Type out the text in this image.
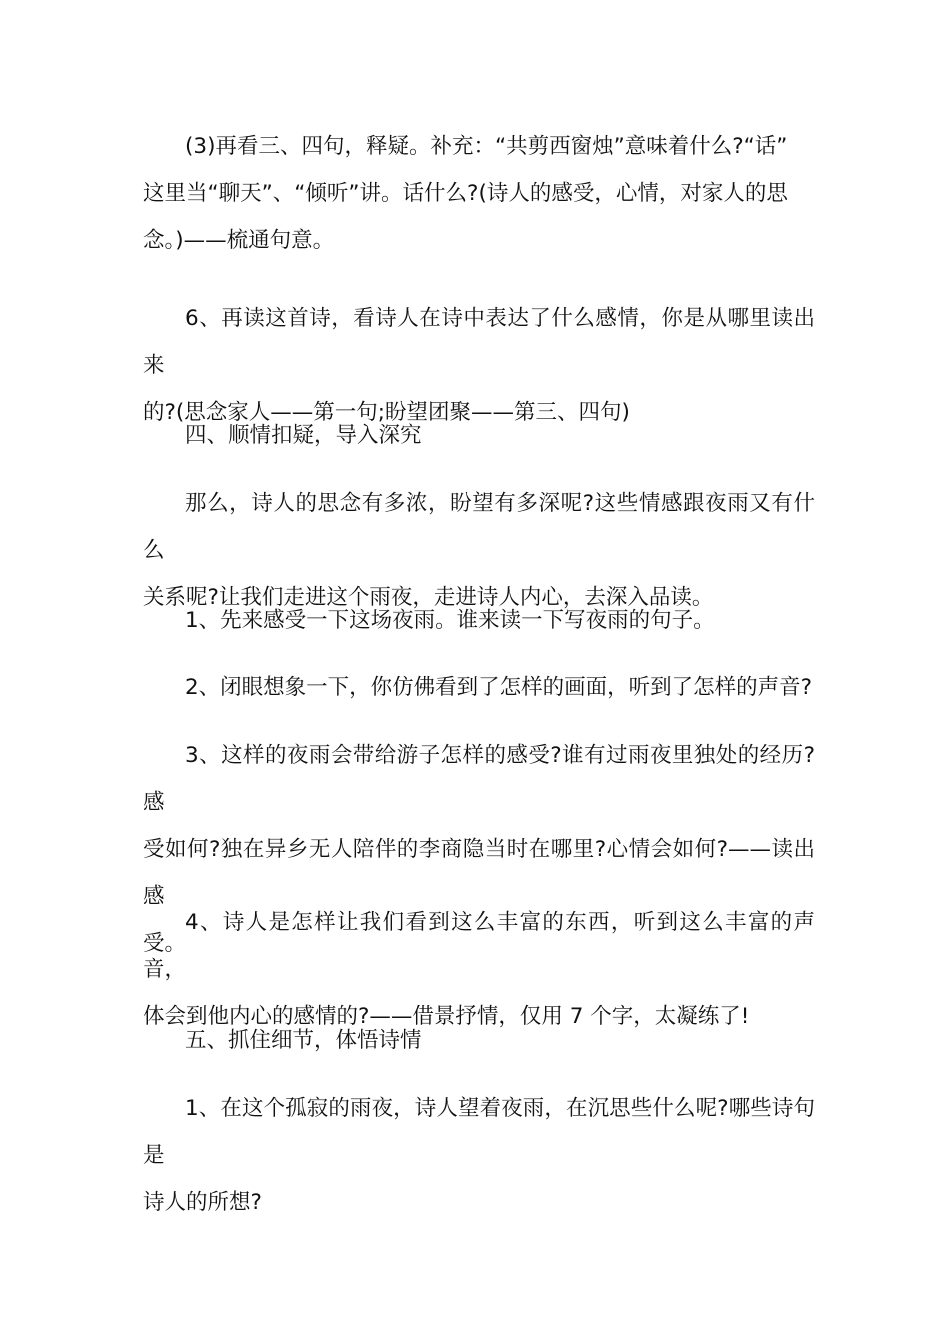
(3)再看三、四句，释疑。补充：“共剪西窗烛”意味着什么?“话”
这里当“聊天”、“倾听”讲。话什么?(诗人的感受，心情，对家人的思
念。)——梳通句意。
6、再读这首诗，看诗人在诗中表达了什么感情，你是从哪里读出来
的?(思念家人——第一句;盼望团聚——第三、四句)
四、顺情扣疑，导入深究
那么，诗人的思念有多浓，盼望有多深呢?这些情感跟夜雨又有什么
关系呢?让我们走进这个雨夜，走进诗人内心，去深入品读。
1、先来感受一下这场夜雨。谁来读一下写夜雨的句子。
2、闭眼想象一下，你仿佛看到了怎样的画面，听到了怎样的声音?
3、这样的夜雨会带给游子怎样的感受?谁有过雨夜里独处的经历?感
受如何?独在异乡无人陪伴的李商隐当时在哪里?心情会如何?——读出感
受。
4、诗人是怎样让我们看到这么丰富的东西，听到这么丰富的声音，
体会到他内心的感情的?——借景抒情，仅用 7 个字，太凝练了!
五、抓住细节，体悟诗情
1、在这个孤寂的雨夜，诗人望着夜雨，在沉思些什么呢?哪些诗句是
诗人的所想?
